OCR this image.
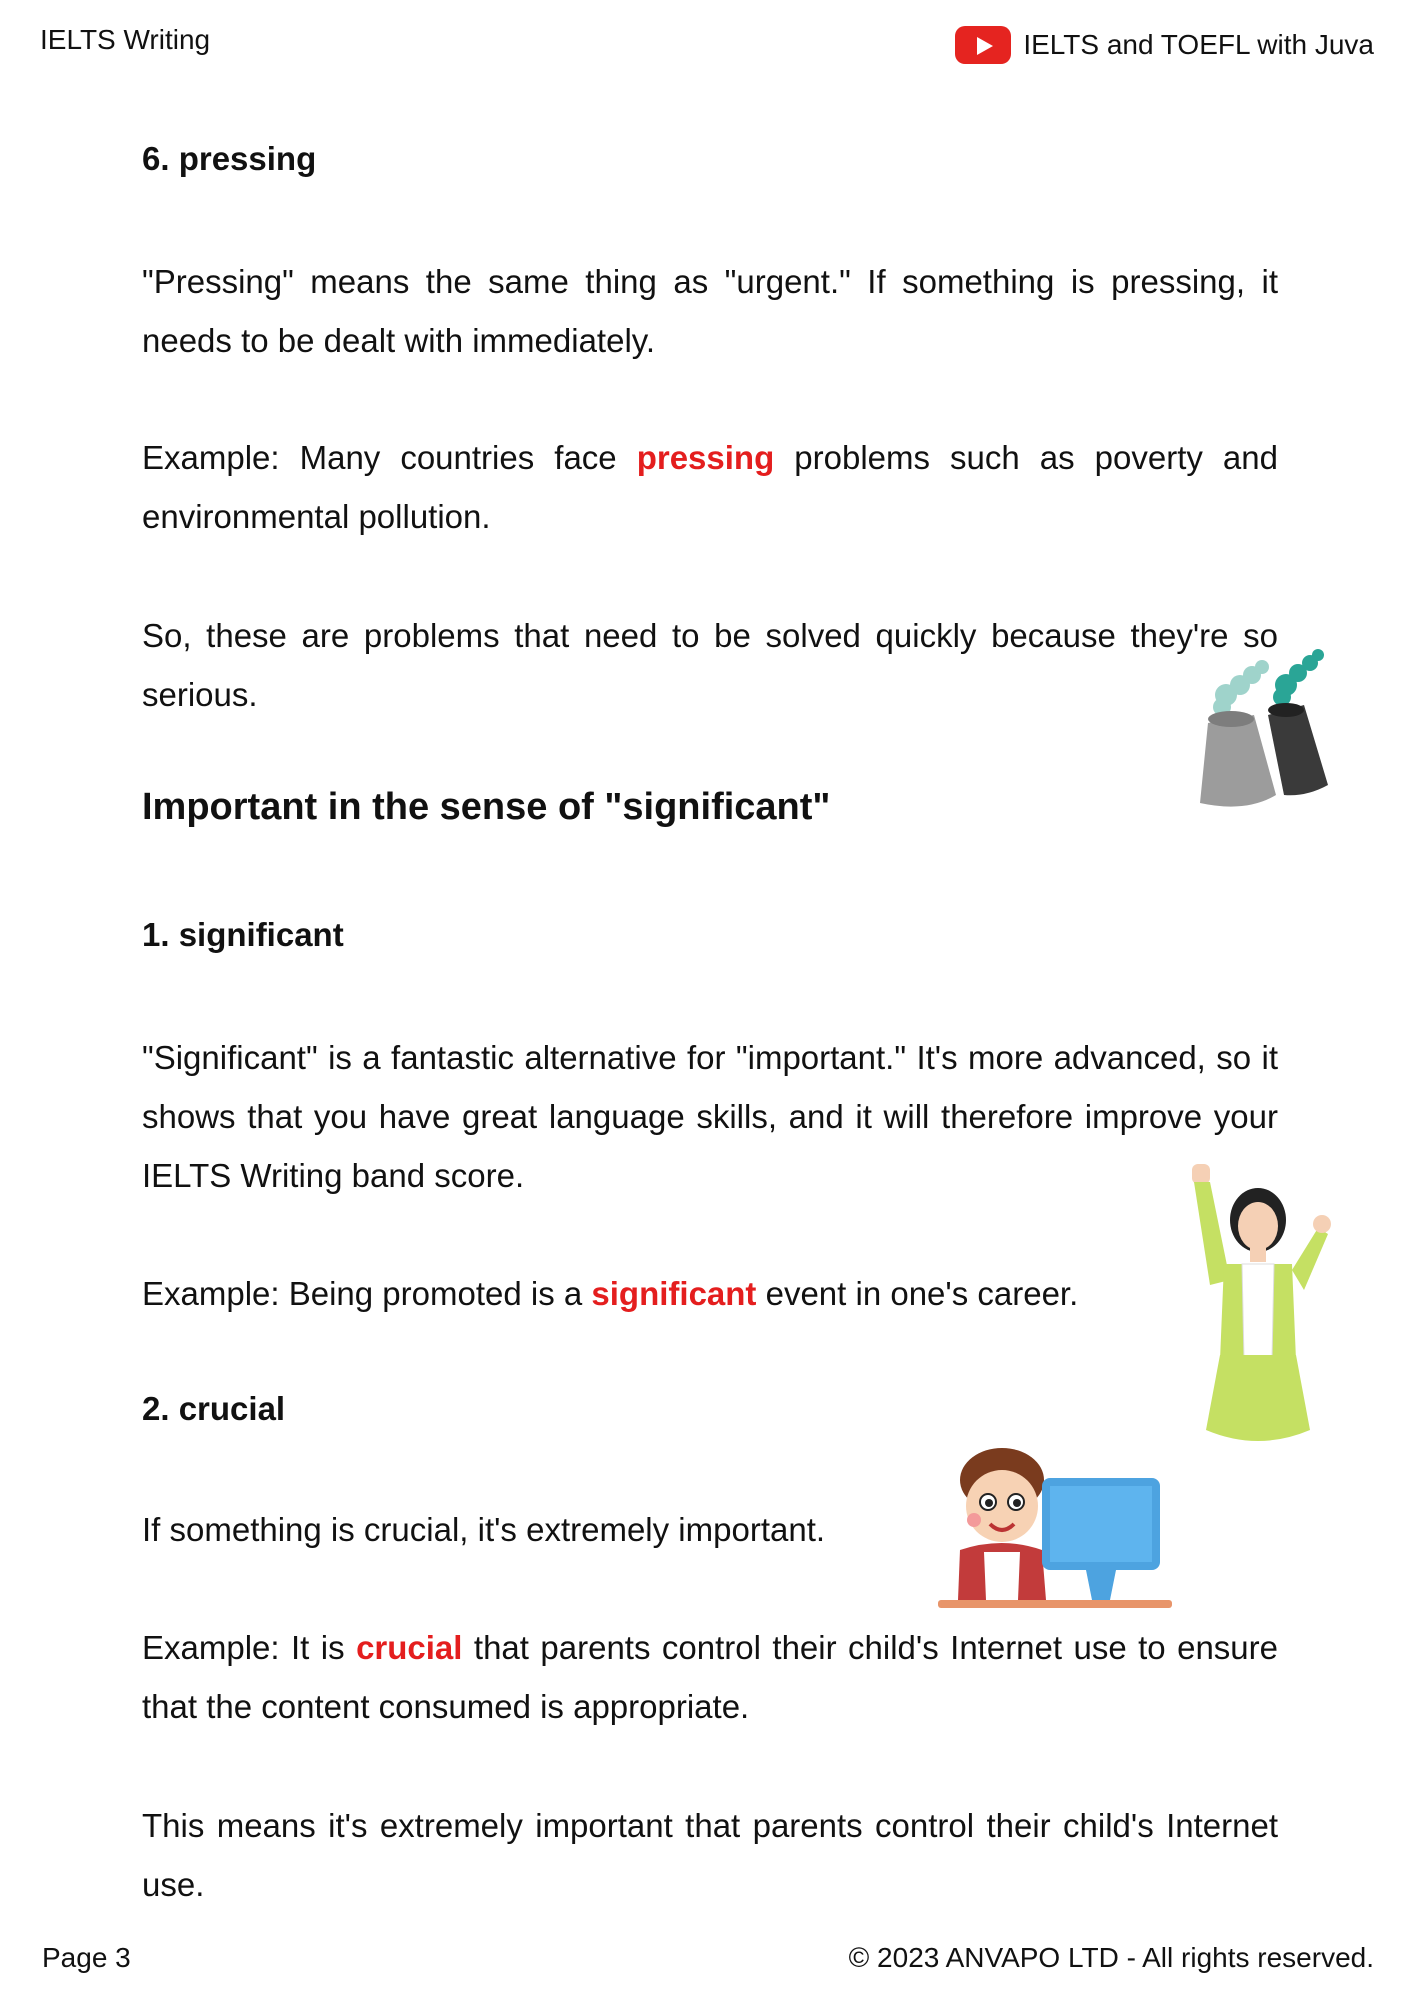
IELTS Writing	IELTS and TOEFL with Juva
6. pressing

"Pressing" means the same thing as "urgent." If something is pressing, it needs to be dealt with immediately.

Example: Many countries face pressing problems such as poverty and environmental pollution.

So, these are problems that need to be solved quickly because they're so serious.

Important in the sense of "significant"
1. significant

"Significant" is a fantastic alternative for "important." It's more advanced, so it shows that you have great language skills, and it will therefore improve your IELTS Writing band score.

Example: Being promoted is a significant event in one's career.

2. crucial

If something is crucial, it's extremely important.

Example: It is crucial that parents control their child's Internet use to ensure that the content consumed is appropriate.

This means it's extremely important that parents control their child's Internet use.

Page 3	© 2023 ANVAPO LTD - All rights reserved.
